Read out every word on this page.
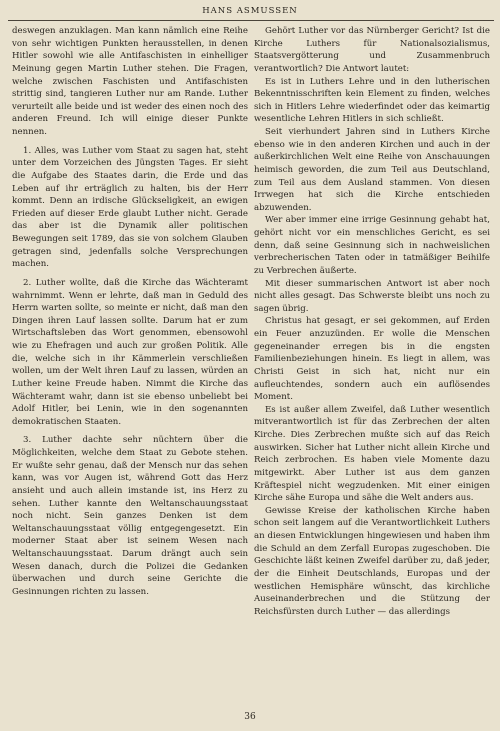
HANS ASMUSSEN

deswegen anzuklagen. Man kann nämlich eine Reihe von sehr wichtigen Punkten herausstellen, in denen Hitler sowohl wie alle Antifaschisten in einhelliger Meinung gegen Martin Luther stehen. Die Fragen, welche zwischen Faschisten und Antifaschisten strittig sind, tangieren Luther nur am Rande. Luther verurteilt alle beide und ist weder des einen noch des anderen Freund. Ich will einige dieser Punkte nennen.

1. Alles, was Luther vom Staat zu sagen hat, steht unter dem Vorzeichen des Jüngsten Tages. Er sieht die Aufgabe des Staates darin, die Erde und das Leben auf ihr erträglich zu halten, bis der Herr kommt. Denn an irdische Glückseligkeit, an ewigen Frieden auf dieser Erde glaubt Luther nicht. Gerade das aber ist die Dynamik aller politischen Bewegungen seit 1789, das sie von solchem Glauben getragen sind, jedenfalls solche Versprechungen machen.

2. Luther wollte, daß die Kirche das Wächteramt wahrnimmt. Wenn er lehrte, daß man in Geduld des Herrn warten sollte, so meinte er nicht, daß man den Dingen ihren Lauf lassen sollte. Darum hat er zum Wirtschaftsleben das Wort genommen, ebensowohl wie zu Ehefragen und auch zur großen Politik. Alle die, welche sich in ihr Kämmerlein verschließen wollen, um der Welt ihren Lauf zu lassen, würden an Luther keine Freude haben. Nimmt die Kirche das Wächteramt wahr, dann ist sie ebenso unbeliebt bei Adolf Hitler, bei Lenin, wie in den sogenannten demokratischen Staaten.

3. Luther dachte sehr nüchtern über die Möglichkeiten, welche dem Staat zu Gebote stehen. Er wußte sehr genau, daß der Mensch nur das sehen kann, was vor Augen ist, während Gott das Herz ansieht und auch allein imstande ist, ins Herz zu sehen. Luther kannte den Weltanschauungsstaat noch nicht. Sein ganzes Denken ist dem Weltanschauungsstaat völlig entgegengesetzt. Ein moderner Staat aber ist seinem Wesen nach Weltanschauungsstaat. Darum drängt auch sein Wesen danach, durch die Polizei die Gedanken überwachen und durch seine Gerichte die Gesinnungen richten zu lassen.

Gehört Luther vor das Nürnberger Gericht? Ist die Kirche Luthers für Nationalsozialismus, Staatsvergötterung und Zusammenbruch verantwortlich? Die Antwort lautet:

Es ist in Luthers Lehre und in den lutherischen Bekenntnisschriften kein Element zu finden, welches sich in Hitlers Lehre wiederfindet oder das keimartig wesentliche Lehren Hitlers in sich schließt.

Seit vierhundert Jahren sind in Luthers Kirche ebenso wie in den anderen Kirchen und auch in der außerkirchlichen Welt eine Reihe von Anschauungen heimisch geworden, die zum Teil aus Deutschland, zum Teil aus dem Ausland stammen. Von diesen Irrwegen hat sich die Kirche entschieden abzuwenden.

Wer aber immer eine irrige Gesinnung gehabt hat, gehört nicht vor ein menschliches Gericht, es sei denn, daß seine Gesinnung sich in nachweislichen verbrecherischen Taten oder in tatmäßiger Beihilfe zu Verbrechen äußerte.

Mit dieser summarischen Antwort ist aber noch nicht alles gesagt. Das Schwerste bleibt uns noch zu sagen übrig.

Christus hat gesagt, er sei gekommen, auf Erden ein Feuer anzuzünden. Er wolle die Menschen gegeneinander erregen bis in die engsten Familienbeziehungen hinein. Es liegt in allem, was Christi Geist in sich hat, nicht nur ein aufleuchtendes, sondern auch ein auflösendes Moment.

Es ist außer allem Zweifel, daß Luther wesentlich mitverantwortlich ist für das Zerbrechen der alten Kirche. Dies Zerbrechen mußte sich auf das Reich auswirken. Sicher hat Luther nicht allein Kirche und Reich zerbrochen. Es haben viele Momente dazu mitgewirkt. Aber Luther ist aus dem ganzen Kräftespiel nicht wegzudenken. Mit einer einigen Kirche sähe Europa und sähe die Welt anders aus.

Gewisse Kreise der katholischen Kirche haben schon seit langem auf die Verantwortlichkeit Luthers an diesen Entwicklungen hingewiesen und haben ihm die Schuld an dem Zerfall Europas zugeschoben. Die Geschichte läßt keinen Zweifel darüber zu, daß jeder, der die Einheit Deutschlands, Europas und der westlichen Hemisphäre wünscht, das kirchliche Auseinanderbrechen und die Stützung der Reichsfürsten durch Luther — das allerdings

36
